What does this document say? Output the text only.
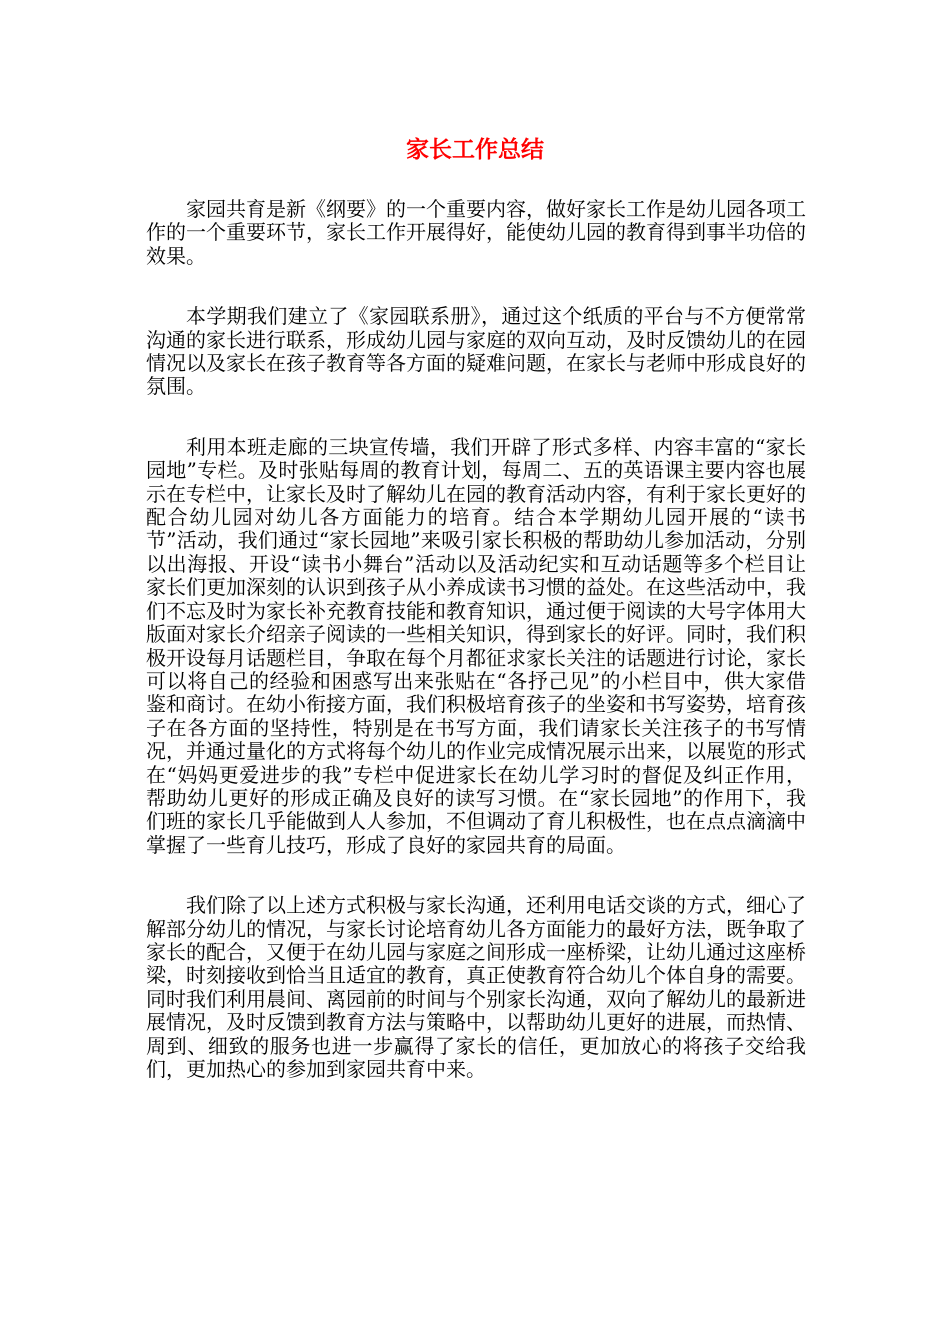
家长工作总结

家园共育是新《纲要》的一个重要内容，做好家长工作是幼儿园各项工作的一个重要环节，家长工作开展得好，能使幼儿园的教育得到事半功倍的效果。

本学期我们建立了《家园联系册》，通过这个纸质的平台与不方便常常沟通的家长进行联系，形成幼儿园与家庭的双向互动，及时反馈幼儿的在园情况以及家长在孩子教育等各方面的疑难问题，在家长与老师中形成良好的氛围。

利用本班走廊的三块宣传墙，我们开辟了形式多样、内容丰富的“家长园地”专栏。及时张贴每周的教育计划，每周二、五的英语课主要内容也展示在专栏中，让家长及时了解幼儿在园的教育活动内容，有利于家长更好的配合幼儿园对幼儿各方面能力的培育。结合本学期幼儿园开展的“读书节”活动，我们通过“家长园地”来吸引家长积极的帮助幼儿参加活动，分别以出海报、开设“读书小舞台”活动以及活动纪实和互动话题等多个栏目让家长们更加深刻的认识到孩子从小养成读书习惯的益处。在这些活动中，我们不忘及时为家长补充教育技能和教育知识，通过便于阅读的大号字体用大版面对家长介绍亲子阅读的一些相关知识，得到家长的好评。同时，我们积极开设每月话题栏目，争取在每个月都征求家长关注的话题进行讨论，家长可以将自己的经验和困惑写出来张贴在“各抒己见”的小栏目中，供大家借鉴和商讨。在幼小衔接方面，我们积极培育孩子的坐姿和书写姿势，培育孩子在各方面的坚持性，特别是在书写方面，我们请家长关注孩子的书写情况，并通过量化的方式将每个幼儿的作业完成情况展示出来，以展览的形式在“妈妈更爱进步的我”专栏中促进家长在幼儿学习时的督促及纠正作用，帮助幼儿更好的形成正确及良好的读写习惯。在“家长园地”的作用下，我们班的家长几乎能做到人人参加，不但调动了育儿积极性，也在点点滴滴中掌握了一些育儿技巧，形成了良好的家园共育的局面。

我们除了以上述方式积极与家长沟通，还利用电话交谈的方式，细心了解部分幼儿的情况，与家长讨论培育幼儿各方面能力的最好方法，既争取了家长的配合，又便于在幼儿园与家庭之间形成一座桥梁，让幼儿通过这座桥梁，时刻接收到恰当且适宜的教育，真正使教育符合幼儿个体自身的需要。同时我们利用晨间、离园前的时间与个别家长沟通，双向了解幼儿的最新进展情况，及时反馈到教育方法与策略中，以帮助幼儿更好的进展，而热情、周到、细致的服务也进一步赢得了家长的信任，更加放心的将孩子交给我们，更加热心的参加到家园共育中来。
